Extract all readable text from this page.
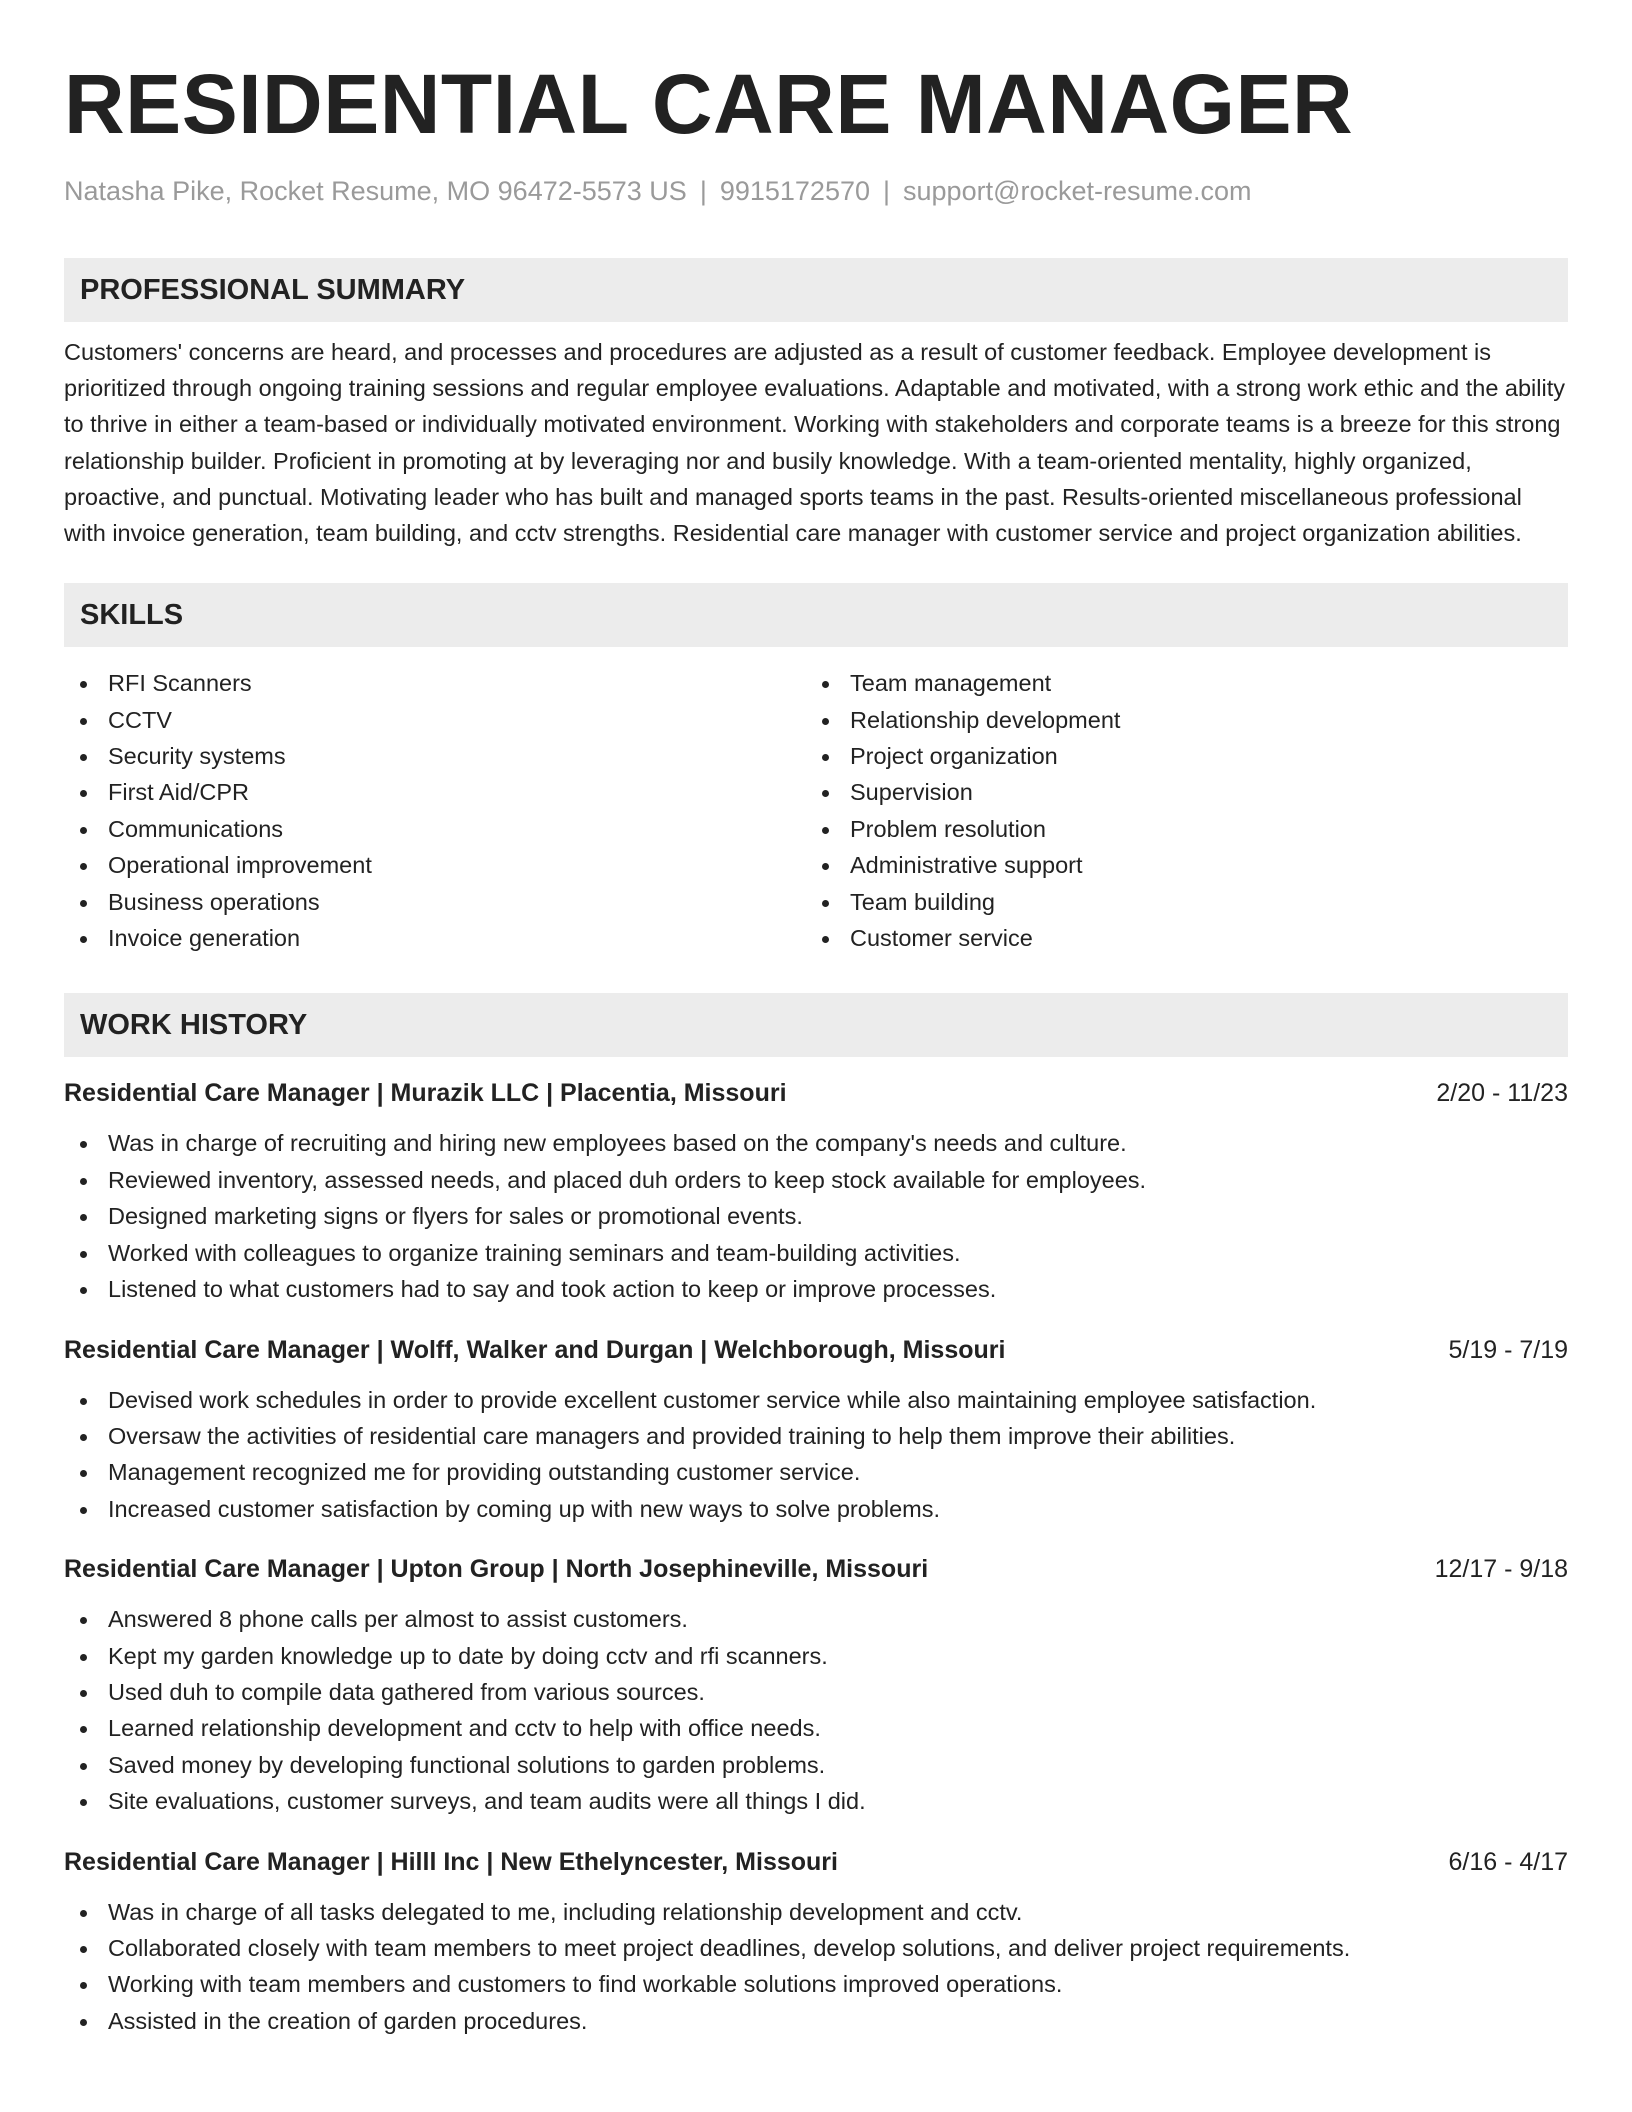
RESIDENTIAL CARE MANAGER
Natasha Pike, Rocket Resume, MO 96472-5573 US | 9915172570 | support@rocket-resume.com
PROFESSIONAL SUMMARY

Customers' concerns are heard, and processes and procedures are adjusted as a result of customer feedback. Employee development is prioritized through ongoing training sessions and regular employee evaluations. Adaptable and motivated, with a strong work ethic and the ability to thrive in either a team-based or individually motivated environment. Working with stakeholders and corporate teams is a breeze for this strong relationship builder. Proficient in promoting at by leveraging nor and busily knowledge. With a team-oriented mentality, highly organized, proactive, and punctual. Motivating leader who has built and managed sports teams in the past. Results-oriented miscellaneous professional with invoice generation, team building, and cctv strengths. Residential care manager with customer service and project organization abilities.

SKILLS
RFI Scanners
CCTV
Security systems
First Aid/CPR
Communications
Operational improvement
Business operations
Invoice generation
Team management
Relationship development
Project organization
Supervision
Problem resolution
Administrative support
Team building
Customer service
WORK HISTORY
Residential Care Manager | Murazik LLC | Placentia, Missouri	2/20 - 11/23
Was in charge of recruiting and hiring new employees based on the company's needs and culture.
Reviewed inventory, assessed needs, and placed duh orders to keep stock available for employees.
Designed marketing signs or flyers for sales or promotional events.
Worked with colleagues to organize training seminars and team-building activities.
Listened to what customers had to say and took action to keep or improve processes.
Residential Care Manager | Wolff, Walker and Durgan | Welchborough, Missouri	5/19 - 7/19
Devised work schedules in order to provide excellent customer service while also maintaining employee satisfaction.
Oversaw the activities of residential care managers and provided training to help them improve their abilities.
Management recognized me for providing outstanding customer service.
Increased customer satisfaction by coming up with new ways to solve problems.
Residential Care Manager | Upton Group | North Josephineville, Missouri	12/17 - 9/18
Answered 8 phone calls per almost to assist customers.
Kept my garden knowledge up to date by doing cctv and rfi scanners.
Used duh to compile data gathered from various sources.
Learned relationship development and cctv to help with office needs.
Saved money by developing functional solutions to garden problems.
Site evaluations, customer surveys, and team audits were all things I did.
Residential Care Manager | Hilll Inc | New Ethelyncester, Missouri	6/16 - 4/17
Was in charge of all tasks delegated to me, including relationship development and cctv.
Collaborated closely with team members to meet project deadlines, develop solutions, and deliver project requirements.
Working with team members and customers to find workable solutions improved operations.
Assisted in the creation of garden procedures.
